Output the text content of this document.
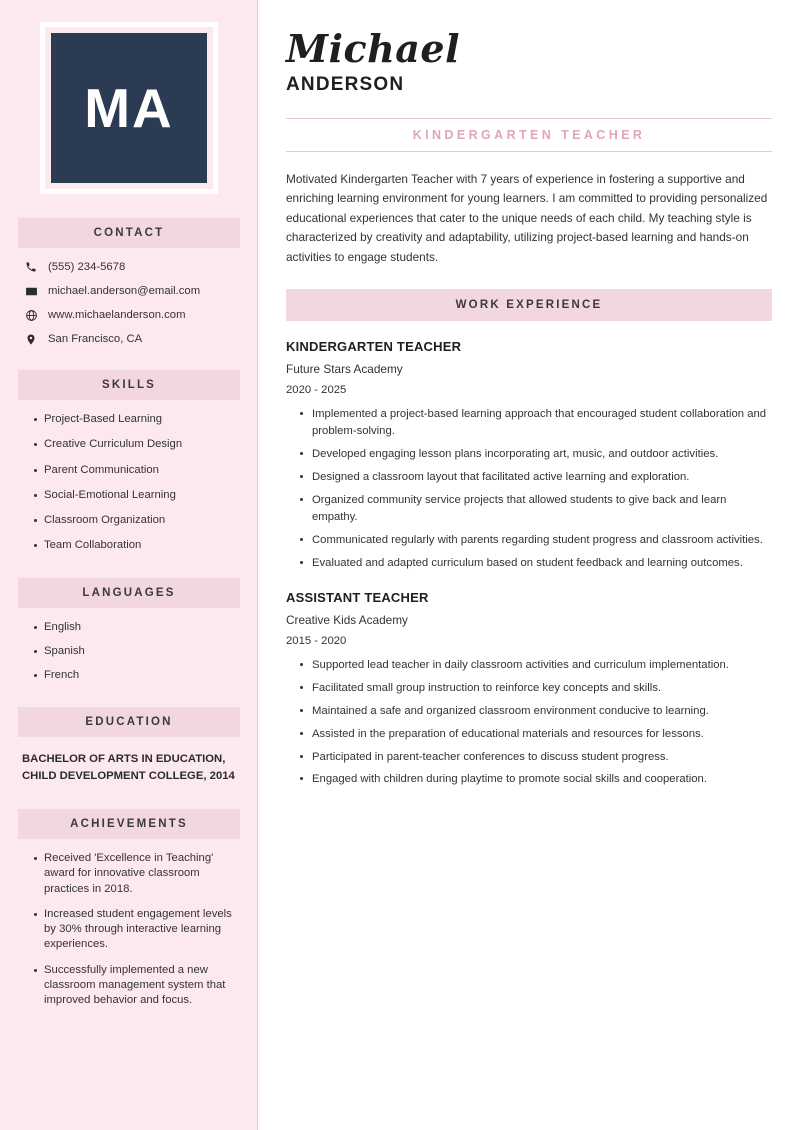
MA
CONTACT
(555) 234-5678
michael.anderson@email.com
www.michaelanderson.com
San Francisco, CA
SKILLS
Project-Based Learning
Creative Curriculum Design
Parent Communication
Social-Emotional Learning
Classroom Organization
Team Collaboration
LANGUAGES
English
Spanish
French
EDUCATION
BACHELOR OF ARTS IN EDUCATION, CHILD DEVELOPMENT COLLEGE, 2014
ACHIEVEMENTS
Received 'Excellence in Teaching' award for innovative classroom practices in 2018.
Increased student engagement levels by 30% through interactive learning experiences.
Successfully implemented a new classroom management system that improved behavior and focus.
Michael
ANDERSON
KINDERGARTEN TEACHER

Motivated Kindergarten Teacher with 7 years of experience in fostering a supportive and enriching learning environment for young learners. I am committed to providing personalized educational experiences that cater to the unique needs of each child. My teaching style is characterized by creativity and adaptability, utilizing project-based learning and hands-on activities to engage students.

WORK EXPERIENCE
KINDERGARTEN TEACHER
Future Stars Academy
2020 - 2025
Implemented a project-based learning approach that encouraged student collaboration and problem-solving.
Developed engaging lesson plans incorporating art, music, and outdoor activities.
Designed a classroom layout that facilitated active learning and exploration.
Organized community service projects that allowed students to give back and learn empathy.
Communicated regularly with parents regarding student progress and classroom activities.
Evaluated and adapted curriculum based on student feedback and learning outcomes.
ASSISTANT TEACHER
Creative Kids Academy
2015 - 2020
Supported lead teacher in daily classroom activities and curriculum implementation.
Facilitated small group instruction to reinforce key concepts and skills.
Maintained a safe and organized classroom environment conducive to learning.
Assisted in the preparation of educational materials and resources for lessons.
Participated in parent-teacher conferences to discuss student progress.
Engaged with children during playtime to promote social skills and cooperation.
